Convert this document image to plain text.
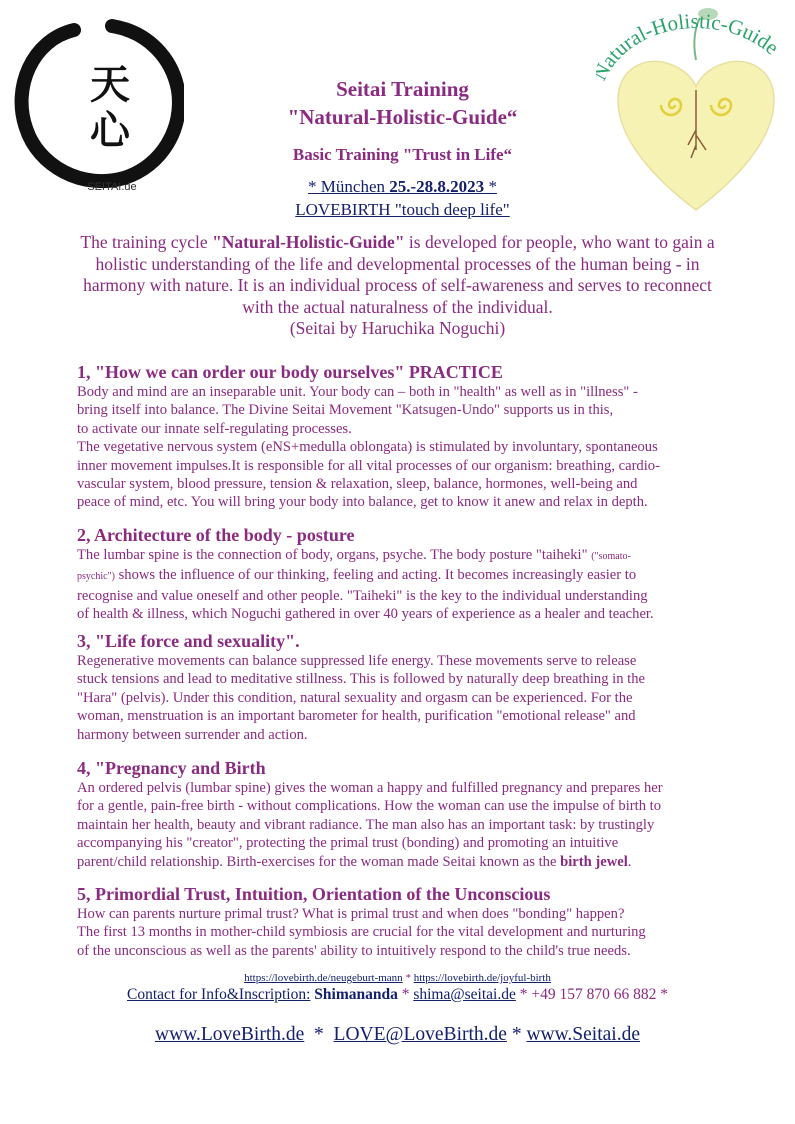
天
心
SEITAI.de
atural-Holistic-Guide
Seitai Training
"Natural-Holistic-Guide“
Basic Training "Trust in Life“
* München 25.-28.8.2023 *
LOVEBIRTH "touch deep life"
The training cycle "Natural-Holistic-Guide" is developed for people, who want to gain a holistic understanding of the life and developmental processes of the human being - in harmony with nature. It is an individual process of self-awareness and serves to reconnect with the actual naturalness of the individual.
(Seitai by Haruchika Noguchi)

1, "How we can order our body ourselves" PRACTICE

Body and mind are an inseparable unit. Your body can – both in "health" as well as in "illness" -

bring itself into balance. The Divine Seitai Movement "Katsugen-Undo" supports us in this,

to activate our innate self-regulating processes.

The vegetative nervous system (eNS+medulla oblongata) is stimulated by involuntary, spontaneous

inner movement impulses.It is responsible for all vital processes of our organism: breathing, cardio-

vascular system, blood pressure, tension & relaxation, sleep, balance, hormones, well-being and

peace of mind, etc. You will bring your body into balance, get to know it anew and relax in depth.

2, Architecture of the body - posture

The lumbar spine is the connection of body, organs, psyche. The body posture "taiheki" ("somato-

psychic") shows the influence of our thinking, feeling and acting. It becomes increasingly easier to

recognise and value oneself and other people. "Taiheki" is the key to the individual understanding

of health & illness, which Noguchi gathered in over 40 years of experience as a healer and teacher.

3, "Life force and sexuality".

Regenerative movements can balance suppressed life energy. These movements serve to release

stuck tensions and lead to meditative stillness. This is followed by naturally deep breathing in the

"Hara" (pelvis). Under this condition, natural sexuality and orgasm can be experienced. For the

woman, menstruation is an important barometer for health, purification "emotional release" and

harmony between surrender and action.

4, "Pregnancy and Birth

An ordered pelvis (lumbar spine) gives the woman a happy and fulfilled pregnancy and prepares her

for a gentle, pain-free birth - without complications. How the woman can use the impulse of birth to

maintain her health, beauty and vibrant radiance. The man also has an important task: by trustingly

accompanying his "creator", protecting the primal trust (bonding) and promoting an intuitive

parent/child relationship. Birth-exercises for the woman made Seitai known as the birth jewel.

5, Primordial Trust, Intuition, Orientation of the Unconscious

How can parents nurture primal trust? What is primal trust and when does "bonding" happen?

The first 13 months in mother-child symbiosis are crucial for the vital development and nurturing

of the unconscious as well as the parents' ability to intuitively respond to the child's true needs.

https://lovebirth.de/neugeburt-mann * https://lovebirth.de/joyful-birth
Contact for Info&Inscription: Shimananda * shima@seitai.de * +49 157 870 66 882 *
www.LoveBirth.de  *  LOVE@LoveBirth.de * www.Seitai.de
